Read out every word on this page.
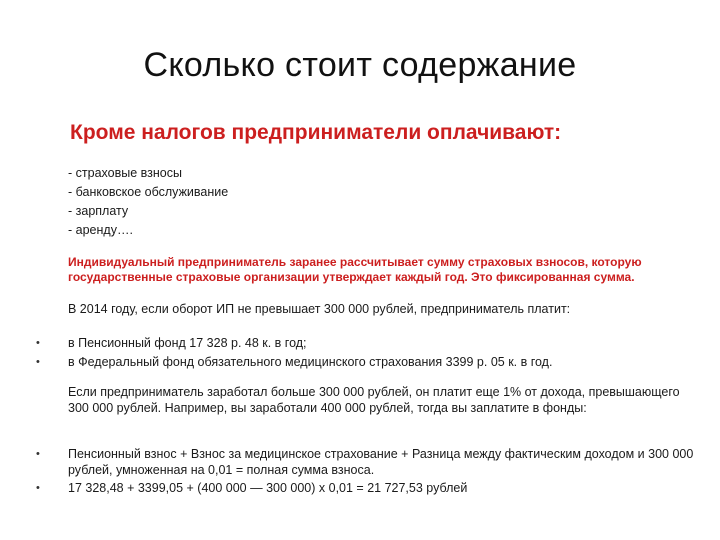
Сколько стоит содержание
Кроме налогов предприниматели оплачивают:
- страховые взносы
- банковское обслуживание
- зарплату
- аренду….
Индивидуальный предприниматель заранее рассчитывает сумму страховых взносов, которую государственные страховые организации утверждает каждый год. Это фиксированная сумма.
В 2014 году, если оборот ИП не превышает 300 000 рублей, предприниматель платит:
•	в Пенсионный фонд 17 328 р. 48 к. в год;
•	в Федеральный фонд обязательного медицинского страхования 3399 р. 05 к. в год.
Если предприниматель заработал больше 300 000 рублей, он платит еще 1% от дохода, превышающего 300 000 рублей. Например, вы заработали 400 000 рублей, тогда вы заплатите в фонды:
•	Пенсионный взнос + Взнос за медицинское страхование + Разница между фактическим доходом и 300 000 рублей, умноженная на 0,01 = полная сумма взноса.
•	17 328,48 + 3399,05 + (400 000 — 300 000) х 0,01 = 21 727,53 рублей
